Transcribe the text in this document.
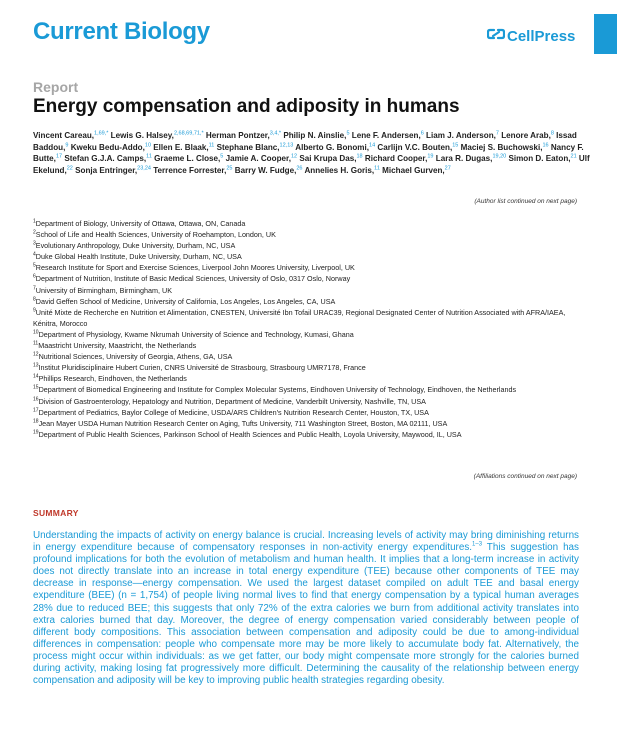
Current Biology	CellPress
Report
Energy compensation and adiposity in humans
Vincent Careau,$^{1,69,*}$ Lewis G. Halsey,$^{2,68,69,71,*}$ Herman Pontzer,$^{3,4,*}$ Philip N. Ainslie,$^5$ Lene F. Andersen,$^6$ Liam J. Anderson,$^7$ Lenore Arab,$^8$ Issad Baddou,$^9$ Kweku Bedu-Addo,$^{10}$ Ellen E. Blaak,$^{11}$ Stephane Blanc,$^{12,13}$ Alberto G. Bonomi,$^{14}$ Carlijn V.C. Bouten,$^{15}$ Maciej S. Buchowski,$^{16}$ Nancy F. Butte,$^{17}$ Stefan G.J.A. Camps,$^{11}$ Graeme L. Close,$^5$ Jamie A. Cooper,$^{12}$ Sai Krupa Das,$^{18}$ Richard Cooper,$^{19}$ Lara R. Dugas,$^{19,20}$ Simon D. Eaton,$^{21}$ Ulf Ekelund,$^{22}$ Sonja Entringer,$^{23,24}$ Terrence Forrester,$^{25}$ Barry W. Fudge,$^{26}$ Annelies H. Goris,$^{11}$ Michael Gurven,$^{27}$
(Author list continued on next page)
$^1$Department of Biology, University of Ottawa, Ottawa, ON, Canada
$^2$School of Life and Health Sciences, University of Roehampton, London, UK
$^3$Evolutionary Anthropology, Duke University, Durham, NC, USA
$^4$Duke Global Health Institute, Duke University, Durham, NC, USA
$^5$Research Institute for Sport and Exercise Sciences, Liverpool John Moores University, Liverpool, UK
$^6$Department of Nutrition, Institute of Basic Medical Sciences, University of Oslo, 0317 Oslo, Norway
$^7$University of Birmingham, Birmingham, UK
$^8$David Geffen School of Medicine, University of California, Los Angeles, Los Angeles, CA, USA
$^9$Unité Mixte de Recherche en Nutrition et Alimentation, CNESTEN, Université Ibn Tofail URAC39, Regional Designated Center of Nutrition Associated with AFRA/IAEA, Kénitra, Morocco
$^{10}$Department of Physiology, Kwame Nkrumah University of Science and Technology, Kumasi, Ghana
$^{11}$Maastricht University, Maastricht, the Netherlands
$^{12}$Nutritional Sciences, University of Georgia, Athens, GA, USA
$^{13}$Institut Pluridisciplinaire Hubert Curien, CNRS Université de Strasbourg, Strasbourg UMR7178, France
$^{14}$Phillips Research, Eindhoven, the Netherlands
$^{15}$Department of Biomedical Engineering and Institute for Complex Molecular Systems, Eindhoven University of Technology, Eindhoven, the Netherlands
$^{16}$Division of Gastroenterology, Hepatology and Nutrition, Department of Medicine, Vanderbilt University, Nashville, TN, USA
$^{17}$Department of Pediatrics, Baylor College of Medicine, USDA/ARS Children's Nutrition Research Center, Houston, TX, USA
$^{18}$Jean Mayer USDA Human Nutrition Research Center on Aging, Tufts University, 711 Washington Street, Boston, MA 02111, USA
$^{19}$Department of Public Health Sciences, Parkinson School of Health Sciences and Public Health, Loyola University, Maywood, IL, USA
(Affiliations continued on next page)
SUMMARY

Understanding the impacts of activity on energy balance is crucial. Increasing levels of activity may bring diminishing returns in energy expenditure because of compensatory responses in non-activity energy expenditures.$^{1-3}$ This suggestion has profound implications for both the evolution of metabolism and human health. It implies that a long-term increase in activity does not directly translate into an increase in total energy expenditure (TEE) because other components of TEE may decrease in response—energy compensation. We used the largest dataset compiled on adult TEE and basal energy expenditure (BEE) (n = 1,754) of people living normal lives to find that energy compensation by a typical human averages 28% due to reduced BEE; this suggests that only 72% of the extra calories we burn from additional activity translates into extra calories burned that day. Moreover, the degree of energy compensation varied considerably between people of different body compositions. This association between compensation and adiposity could be due to among-individual differences in compensation: people who compensate more may be more likely to accumulate body fat. Alternatively, the process might occur within individuals: as we get fatter, our body might compensate more strongly for the calories burned during activity, making losing fat progressively more difficult. Determining the causality of the relationship between energy compensation and adiposity will be key to improving public health strategies regarding obesity.
